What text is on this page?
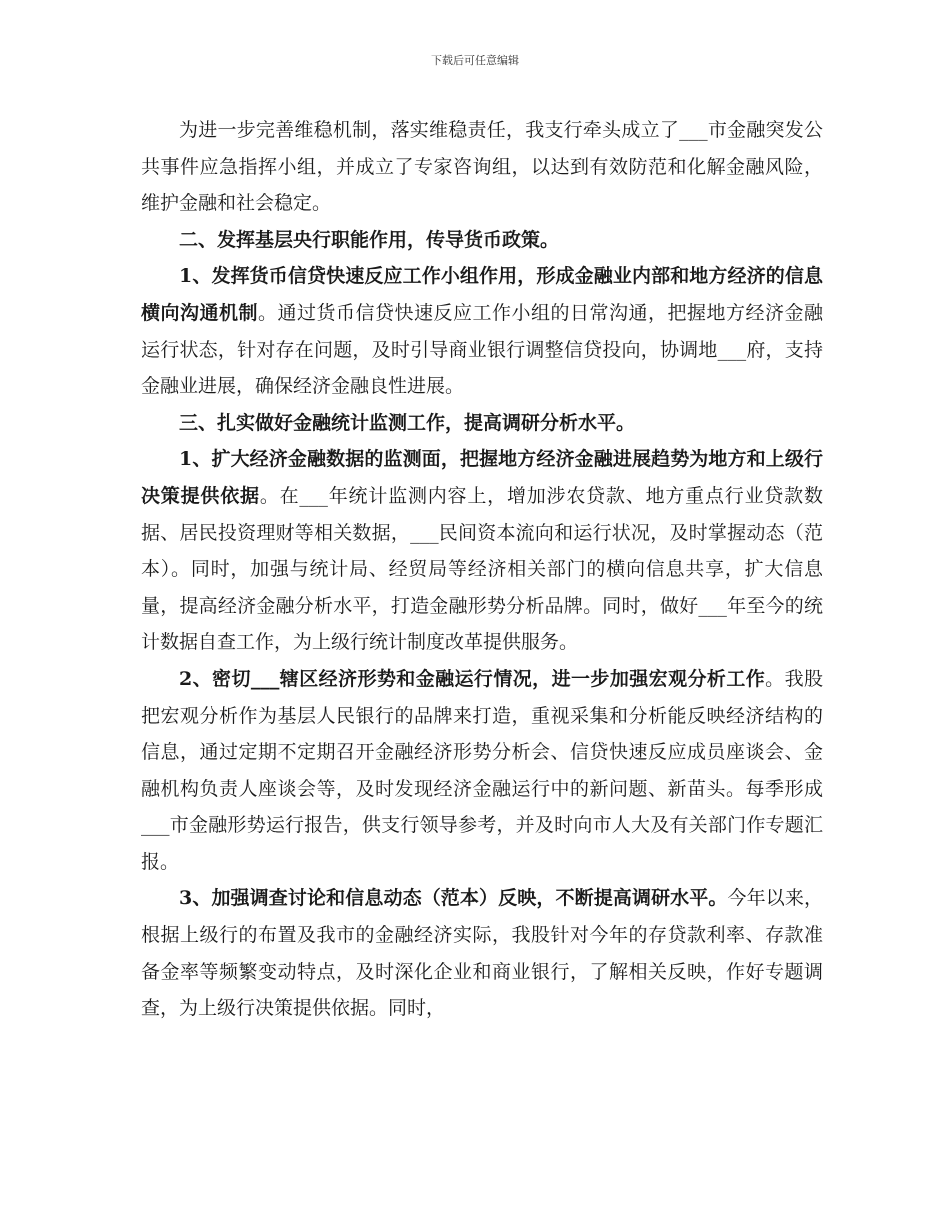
下载后可任意编辑

为进一步完善维稳机制，落实维稳责任，我支行牵头成立了___市金融突发公共事件应急指挥小组，并成立了专家咨询组，以达到有效防范和化解金融风险，维护金融和社会稳定。

二、发挥基层央行职能作用，传导货币政策。

1、发挥货币信贷快速反应工作小组作用，形成金融业内部和地方经济的信息横向沟通机制。通过货币信贷快速反应工作小组的日常沟通，把握地方经济金融运行状态，针对存在问题，及时引导商业银行调整信贷投向，协调地___府，支持金融业进展，确保经济金融良性进展。

三、扎实做好金融统计监测工作，提高调研分析水平。

1、扩大经济金融数据的监测面，把握地方经济金融进展趋势为地方和上级行决策提供依据。在___年统计监测内容上，增加涉农贷款、地方重点行业贷款数据、居民投资理财等相关数据，___民间资本流向和运行状况，及时掌握动态（范本）。同时，加强与统计局、经贸局等经济相关部门的横向信息共享，扩大信息量，提高经济金融分析水平，打造金融形势分析品牌。同时，做好___年至今的统计数据自查工作，为上级行统计制度改革提供服务。

2、密切___辖区经济形势和金融运行情况，进一步加强宏观分析工作。我股把宏观分析作为基层人民银行的品牌来打造，重视采集和分析能反映经济结构的信息，通过定期不定期召开金融经济形势分析会、信贷快速反应成员座谈会、金融机构负责人座谈会等，及时发现经济金融运行中的新问题、新苗头。每季形成___市金融形势运行报告，供支行领导参考，并及时向市人大及有关部门作专题汇报。

3、加强调查讨论和信息动态（范本）反映，不断提高调研水平。今年以来，根据上级行的布置及我市的金融经济实际，我股针对今年的存贷款利率、存款准备金率等频繁变动特点，及时深化企业和商业银行，了解相关反映，作好专题调查，为上级行决策提供依据。同时，
